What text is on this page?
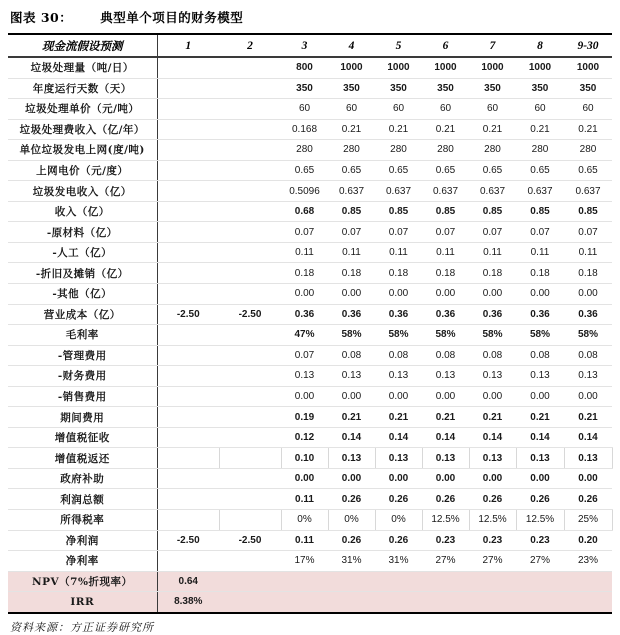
图表 30： 典型单个项目的财务模型
现金流假设预测	1	2	3	4	5	6	7	8	9-30
垃圾处理量（吨/日）			800	1000	1000	1000	1000	1000	1000
年度运行天数（天）			350	350	350	350	350	350	350
垃圾处理单价（元/吨）			60	60	60	60	60	60	60
垃圾处理费收入（亿/年）			0.168	0.21	0.21	0.21	0.21	0.21	0.21
单位垃圾发电上网(度/吨)			280	280	280	280	280	280	280
上网电价（元/度）			0.65	0.65	0.65	0.65	0.65	0.65	0.65
垃圾发电收入（亿）			0.5096	0.637	0.637	0.637	0.637	0.637	0.637
收入（亿）			0.68	0.85	0.85	0.85	0.85	0.85	0.85
-原材料（亿）			0.07	0.07	0.07	0.07	0.07	0.07	0.07
-人工（亿）			0.11	0.11	0.11	0.11	0.11	0.11	0.11
-折旧及摊销（亿）			0.18	0.18	0.18	0.18	0.18	0.18	0.18
-其他（亿）			0.00	0.00	0.00	0.00	0.00	0.00	0.00
营业成本（亿）	-2.50	-2.50	0.36	0.36	0.36	0.36	0.36	0.36	0.36
毛利率			47%	58%	58%	58%	58%	58%	58%
-管理费用			0.07	0.08	0.08	0.08	0.08	0.08	0.08
-财务费用			0.13	0.13	0.13	0.13	0.13	0.13	0.13
-销售费用			0.00	0.00	0.00	0.00	0.00	0.00	0.00
期间费用			0.19	0.21	0.21	0.21	0.21	0.21	0.21
增值税征收			0.12	0.14	0.14	0.14	0.14	0.14	0.14
增值税返还			0.10	0.13	0.13	0.13	0.13	0.13	0.13
政府补助			0.00	0.00	0.00	0.00	0.00	0.00	0.00
利润总额			0.11	0.26	0.26	0.26	0.26	0.26	0.26
所得税率			0%	0%	0%	12.5%	12.5%	12.5%	25%
净利润	-2.50	-2.50	0.11	0.26	0.26	0.23	0.23	0.23	0.20
净利率			17%	31%	31%	27%	27%	27%	23%
NPV（7%折现率）	0.64								
IRR	8.38%								
资料来源：方正证券研究所
